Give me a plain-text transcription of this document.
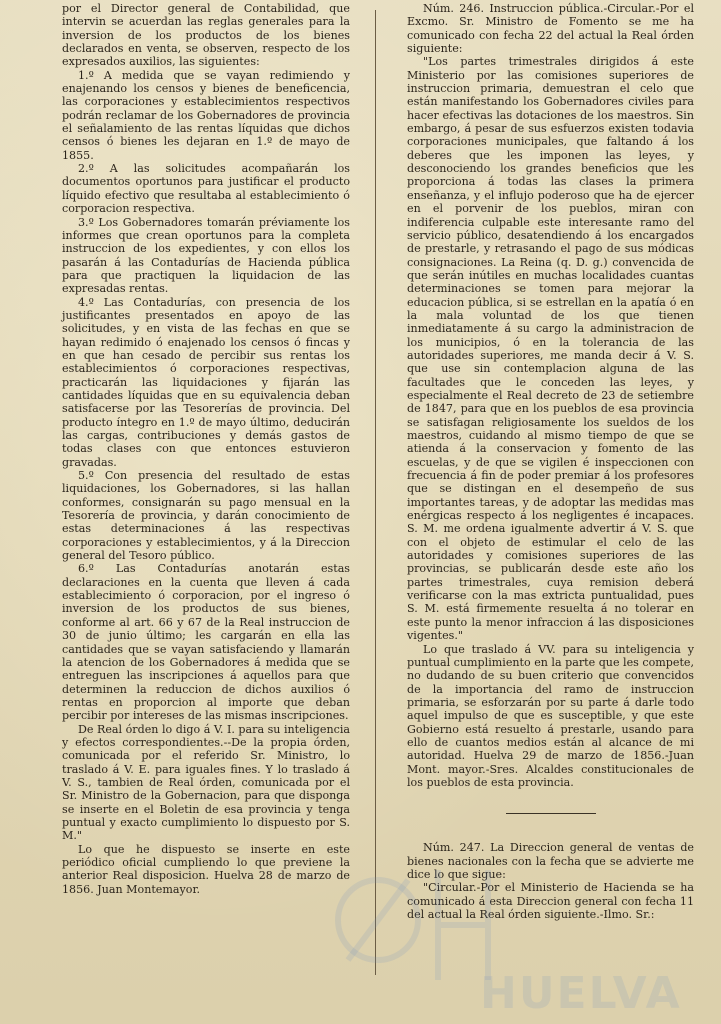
por el Director general de Contabilidad, que intervin se acuerdan las reglas generales para la inversion de los productos de los bienes declarados en venta, se observen, respecto de los expresados auxilios, las siguientes:

1.º A medida que se vayan redimiendo y enajenando los censos y bienes de beneficencia, las corporaciones y establecimientos respectivos podrán reclamar de los Gobernadores de provincia el señalamiento de las rentas líquidas que dichos censos ó bienes les dejaran en 1.º de mayo de 1855.

2.º A las solicitudes acompañarán los documentos oportunos para justificar el producto líquido efectivo que resultaba al establecimiento ó corporacion respectiva.

3.º Los Gobernadores tomarán préviamente los informes que crean oportunos para la completa instruccion de los expedientes, y con ellos los pasarán á las Contadurías de Hacienda pública para que practiquen la liquidacion de las expresadas rentas.

4.º Las Contadurías, con presencia de los justificantes presentados en apoyo de las solicitudes, y en vista de las fechas en que se hayan redimido ó enajenado los censos ó fincas y en que han cesado de percibir sus rentas los establecimientos ó corporaciones respectivas, practicarán las liquidaciones y fijarán las cantidades líquidas que en su equivalencia deban satisfacerse por las Tesorerías de provincia. Del producto íntegro en 1.º de mayo último, deducirán las cargas, contribuciones y demás gastos de todas clases con que entonces estuvieron gravadas.

5.º Con presencia del resultado de estas liquidaciones, los Gobernadores, si las hallan conformes, consignarán su pago mensual en la Tesorería de provincia, y darán conocimiento de estas determinaciones á las respectivas corporaciones y establecimientos, y á la Direccion general del Tesoro público.

6.º Las Contadurías anotarán estas declaraciones en la cuenta que lleven á cada establecimiento ó corporacion, por el ingreso ó inversion de los productos de sus bienes, conforme al art. 66 y 67 de la Real instruccion de 30 de junio último; les cargarán en ella las cantidades que se vayan satisfaciendo y llamarán la atencion de los Gobernadores á medida que se entreguen las inscripciones á aquellos para que determinen la reduccion de dichos auxilios ó rentas en proporcion al importe que deban percibir por intereses de las mismas inscripciones.

De Real órden lo digo á V. I. para su inteligencia y efectos correspondientes.--De la propia órden, comunicada por el referido Sr. Ministro, lo traslado á V. E. para iguales fines. Y lo traslado á V. S., tambien de Real órden, comunicada por el Sr. Ministro de la Gobernacion, para que disponga se inserte en el Boletin de esa provincia y tenga puntual y exacto cumplimiento lo dispuesto por S. M."

Lo que he dispuesto se inserte en este periódico oficial cumpliendo lo que previene la anterior Real disposicion. Huelva 28 de marzo de 1856. Juan Montemayor.

Núm. 246. Instruccion pública.-Circular.-Por el Excmo. Sr. Ministro de Fomento se me ha comunicado con fecha 22 del actual la Real órden siguiente:

"Los partes trimestrales dirigidos á este Ministerio por las comisiones superiores de instruccion primaria, demuestran el celo que están manifestando los Gobernadores civiles para hacer efectivas las dotaciones de los maestros. Sin embargo, á pesar de sus esfuerzos existen todavia corporaciones municipales, que faltando á los deberes que les imponen las leyes, y desconociendo los grandes beneficios que les proporciona á todas las clases la primera enseñanza, y el influjo poderoso que ha de ejercer en el porvenir de los pueblos, miran con indiferencia culpable este interesante ramo del servicio público, desatendiendo á los encargados de prestarle, y retrasando el pago de sus módicas consignaciones. La Reina (q. D. g.) convencida de que serán inútiles en muchas localidades cuantas determinaciones se tomen para mejorar la educacion pública, si se estrellan en la apatía ó en la mala voluntad de los que tienen inmediatamente á su cargo la administracion de los municipios, ó en la tolerancia de las autoridades superiores, me manda decir á V. S. que use sin contemplacion alguna de las facultades que le conceden las leyes, y especialmente el Real decreto de 23 de setiembre de 1847, para que en los pueblos de esa provincia se satisfagan religiosamente los sueldos de los maestros, cuidando al mismo tiempo de que se atienda á la conservacion y fomento de las escuelas, y de que se vigilen é inspeccionen con frecuencia á fin de poder premiar á los profesores que se distingan en el desempeño de sus importantes tareas, y de adoptar las medidas mas enérgicas respecto á los negligentes é incapaces. S. M. me ordena igualmente advertir á V. S. que con el objeto de estimular el celo de las autoridades y comisiones superiores de las provincias, se publicarán desde este año los partes trimestrales, cuya remision deberá verificarse con la mas extricta puntualidad, pues S. M. está firmemente resuelta á no tolerar en este punto la menor infraccion á las disposiciones vigentes."

Lo que traslado á VV. para su inteligencia y puntual cumplimiento en la parte que les compete, no dudando de su buen criterio que convencidos de la importancia del ramo de instruccion primaria, se esforzarán por su parte á darle todo aquel impulso de que es susceptible, y que este Gobierno está resuelto á prestarle, usando para ello de cuantos medios están al alcance de mi autoridad. Huelva 29 de marzo de 1856.-Juan Mont. mayor.-Sres. Alcaldes constitucionales de los pueblos de esta provincia.

Núm. 247. La Direccion general de ventas de bienes nacionales con la fecha que se advierte me dice lo que sigue:

"Circular.-Por el Ministerio de Hacienda se ha comunicado á esta Direccion general con fecha 11 del actual la Real órden siguiente.-Ilmo. Sr.:

HUELVA
